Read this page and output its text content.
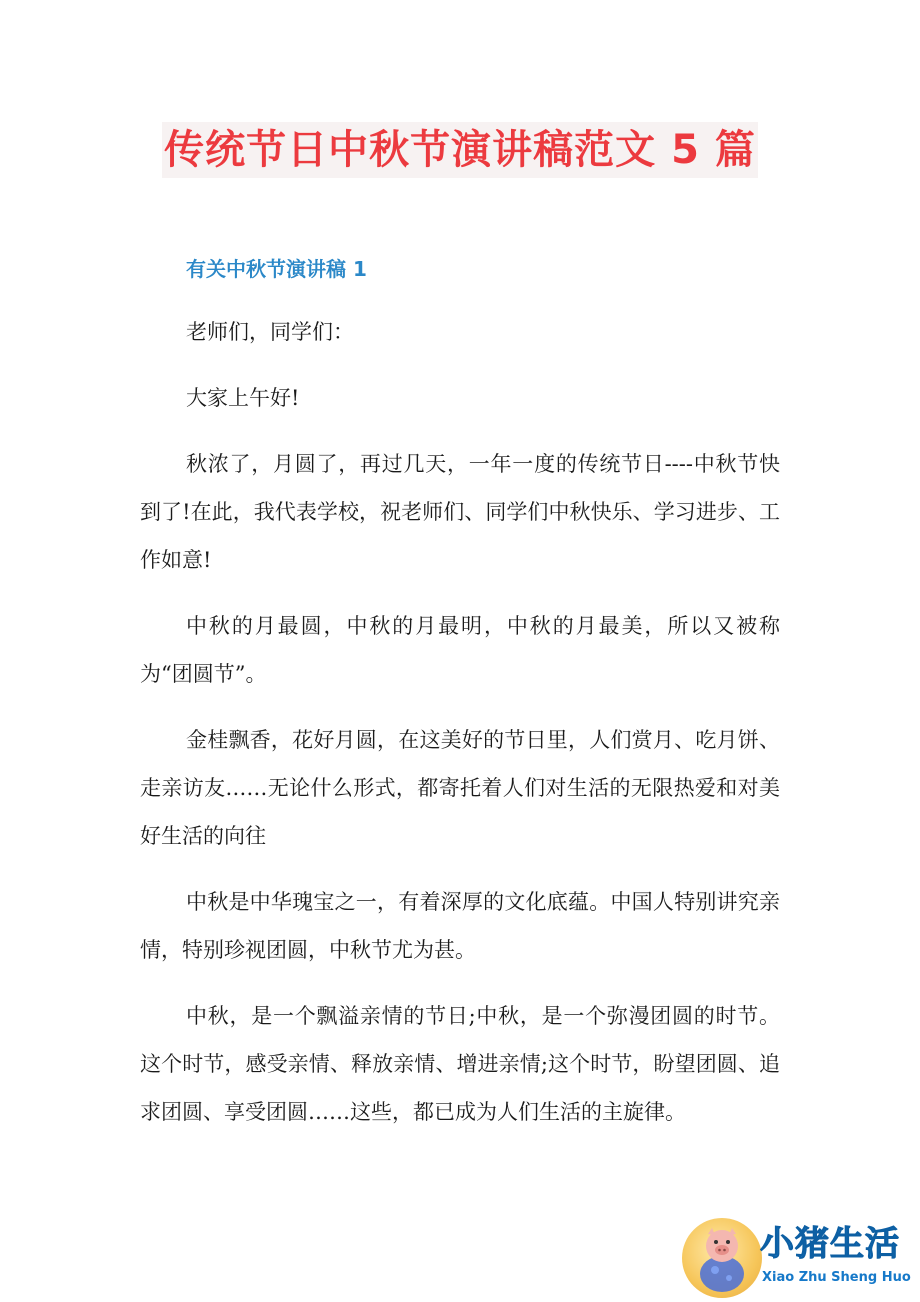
传统节日中秋节演讲稿范文 5 篇

有关中秋节演讲稿 1

老师们，同学们：

大家上午好!

秋浓了，月圆了，再过几天，一年一度的传统节日----中秋节快到了!在此，我代表学校，祝老师们、同学们中秋快乐、学习进步、工作如意!

中秋的月最圆，中秋的月最明，中秋的月最美，所以又被称为“团圆节”。

金桂飘香，花好月圆，在这美好的节日里，人们赏月、吃月饼、走亲访友……无论什么形式，都寄托着人们对生活的无限热爱和对美好生活的向往

中秋是中华瑰宝之一，有着深厚的文化底蕴。中国人特别讲究亲情，特别珍视团圆，中秋节尤为甚。

中秋，是一个飘溢亲情的节日;中秋，是一个弥漫团圆的时节。这个时节，感受亲情、释放亲情、增进亲情;这个时节，盼望团圆、追求团圆、享受团圆……这些，都已成为人们生活的主旋律。

小猪生活
Xiao Zhu Sheng Huo
